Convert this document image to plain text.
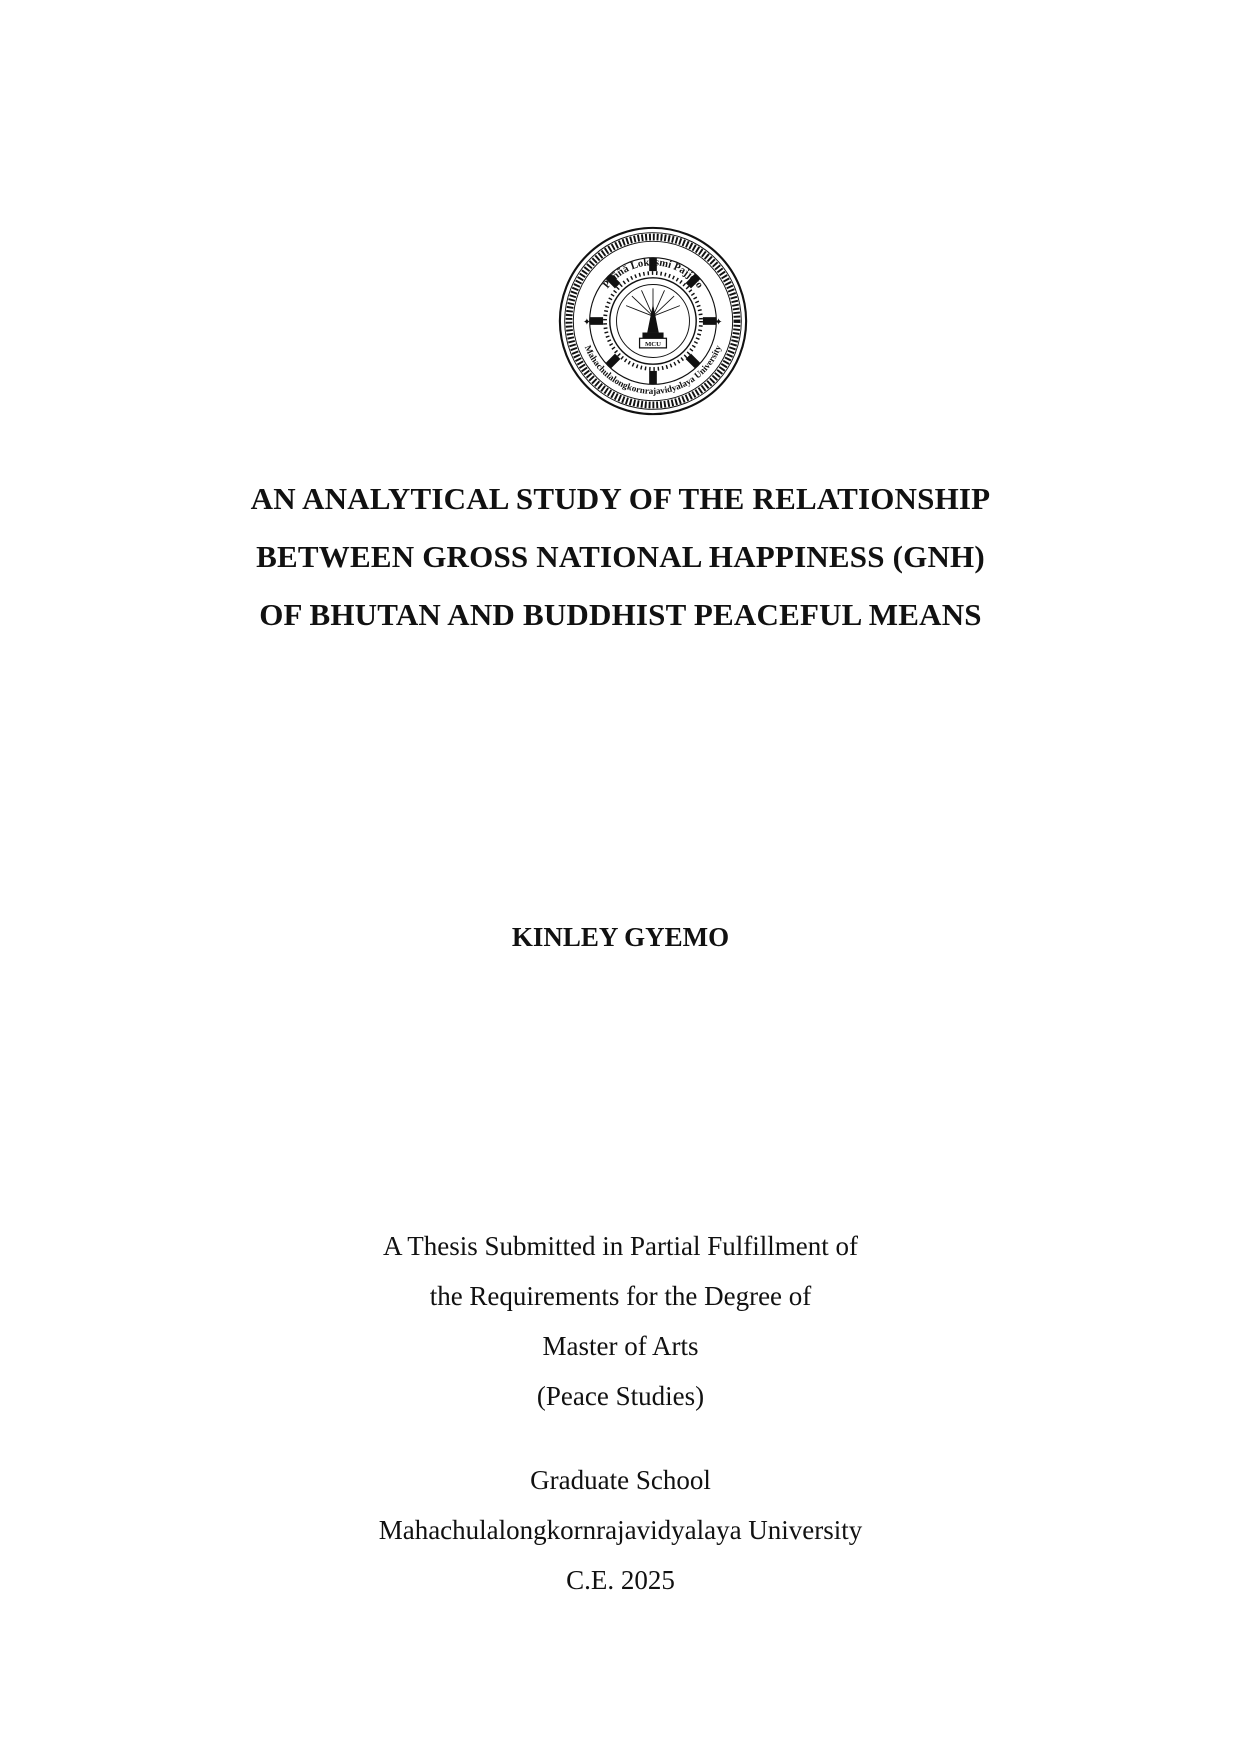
MCU
✦	✦
Paññā Lokasmi Pajjoto
Mahachulalongkornrajavidyalaya University
AN ANALYTICAL STUDY OF THE RELATIONSHIP
BETWEEN GROSS NATIONAL HAPPINESS (GNH)
OF BHUTAN AND BUDDHIST PEACEFUL MEANS
KINLEY GYEMO
A Thesis Submitted in Partial Fulfillment of
the Requirements for the Degree of
Master of Arts
(Peace Studies)
Graduate School
Mahachulalongkornrajavidyalaya University
C.E. 2025
